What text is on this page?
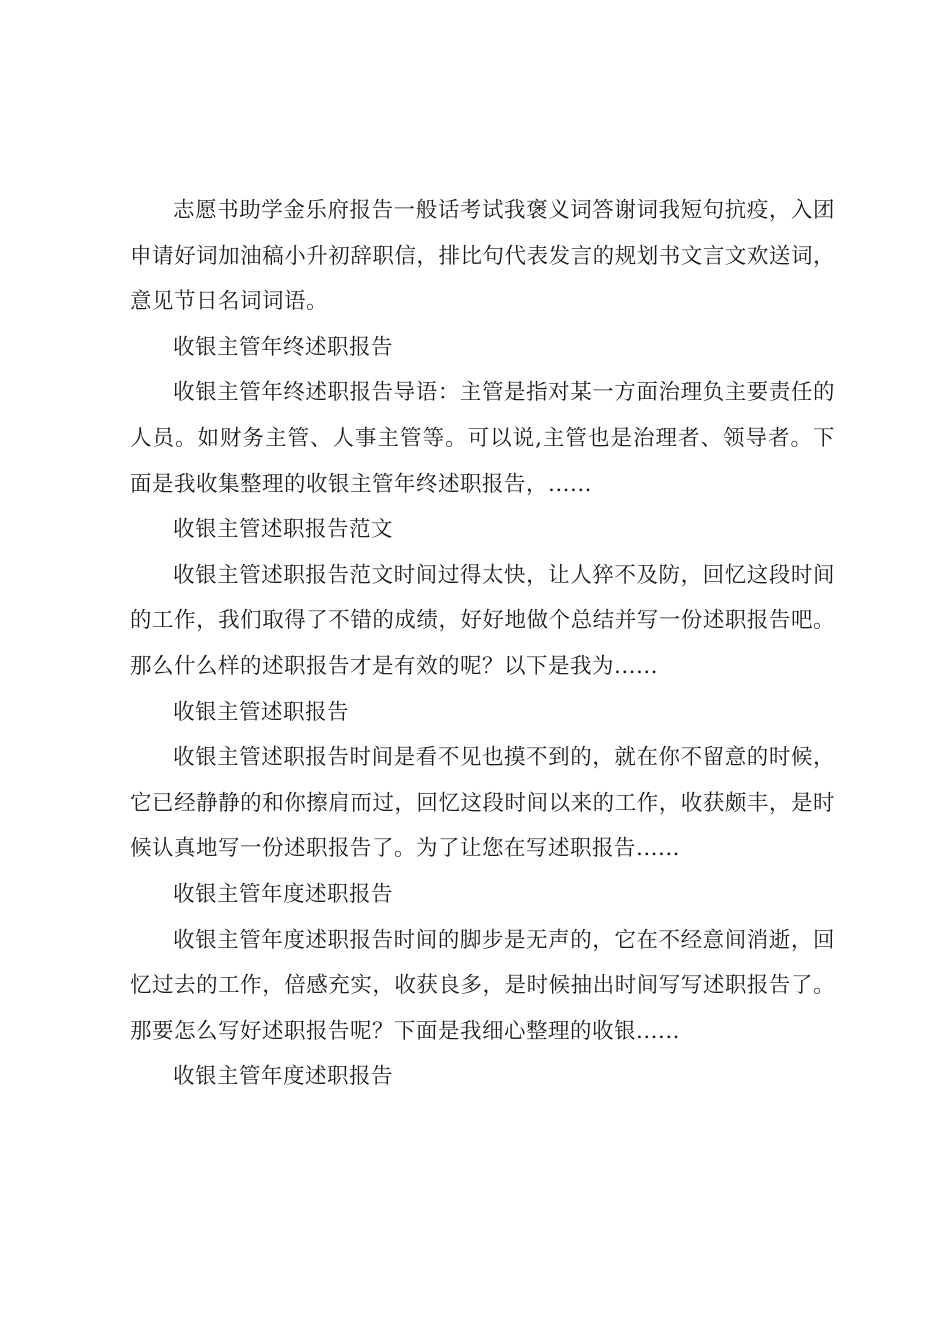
志愿书助学金乐府报告一般话考试我褒义词答谢词我短句抗疫，入团申请好词加油稿小升初辞职信，排比句代表发言的规划书文言文欢送词，意见节日名词词语。

收银主管年终述职报告

收银主管年终述职报告导语：主管是指对某一方面治理负主要责任的人员。如财务主管、人事主管等。可以说,主管也是治理者、领导者。下面是我收集整理的收银主管年终述职报告，......

收银主管述职报告范文

收银主管述职报告范文时间过得太快，让人猝不及防，回忆这段时间的工作，我们取得了不错的成绩，好好地做个总结并写一份述职报告吧。那么什么样的述职报告才是有效的呢？以下是我为......

收银主管述职报告

收银主管述职报告时间是看不见也摸不到的，就在你不留意的时候，它已经静静的和你擦肩而过，回忆这段时间以来的工作，收获颇丰，是时候认真地写一份述职报告了。为了让您在写述职报告......

收银主管年度述职报告

收银主管年度述职报告时间的脚步是无声的，它在不经意间消逝，回忆过去的工作，倍感充实，收获良多，是时候抽出时间写写述职报告了。那要怎么写好述职报告呢？下面是我细心整理的收银......

收银主管年度述职报告
